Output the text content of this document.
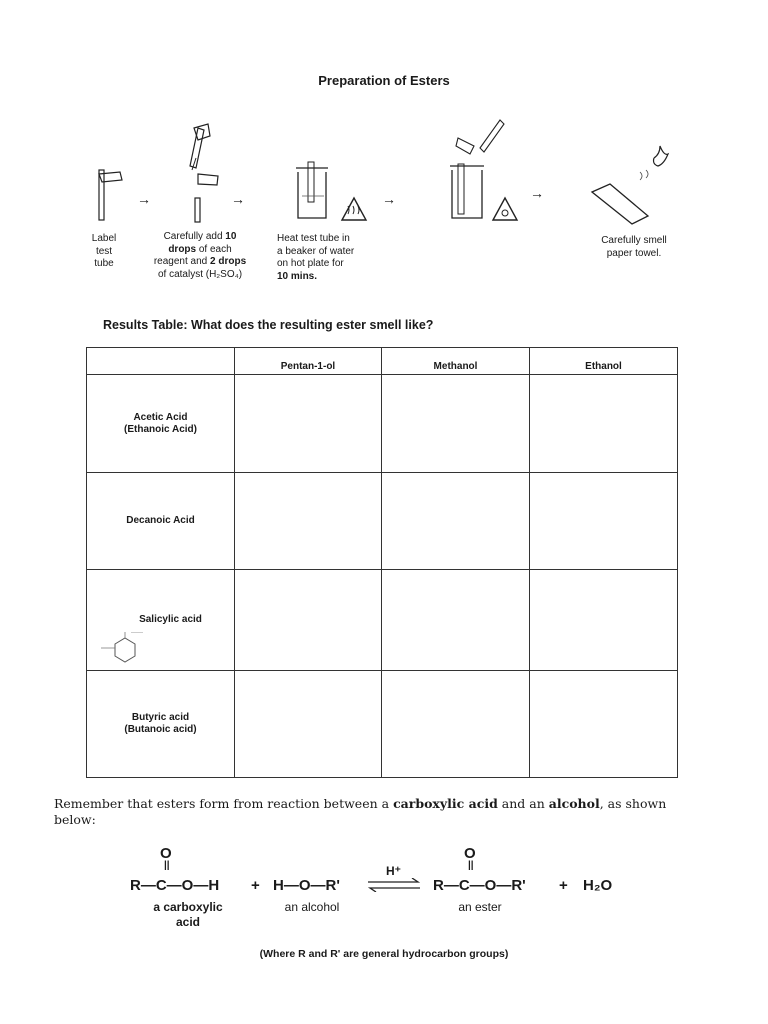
Preparation of Esters
→	→	→	→
Label
test
tube
Carefully add 10
drops of each
reagent and 2 drops
of catalyst (H₂SO₄)
Heat test tube in
a beaker of water
on hot plate for
10 mins.
Carefully smell
paper towel.
Results Table: What does the resulting ester smell like?
	Pentan-1-ol	Methanol	Ethanol

Acetic Acid
(Ethanoic Acid)			

Decanoic Acid			

Salicylic acid			

Butyric acid
(Butanoic acid)			

Remember that esters form from reaction between a carboxylic acid and an alcohol, as shown below:
O
||
R—C—O—H + H—O—R'
H⁺
O
||
R—C—O—R' + H₂O
a carboxylic
acid
an alcohol	an ester
(Where R and R' are general hydrocarbon groups)
